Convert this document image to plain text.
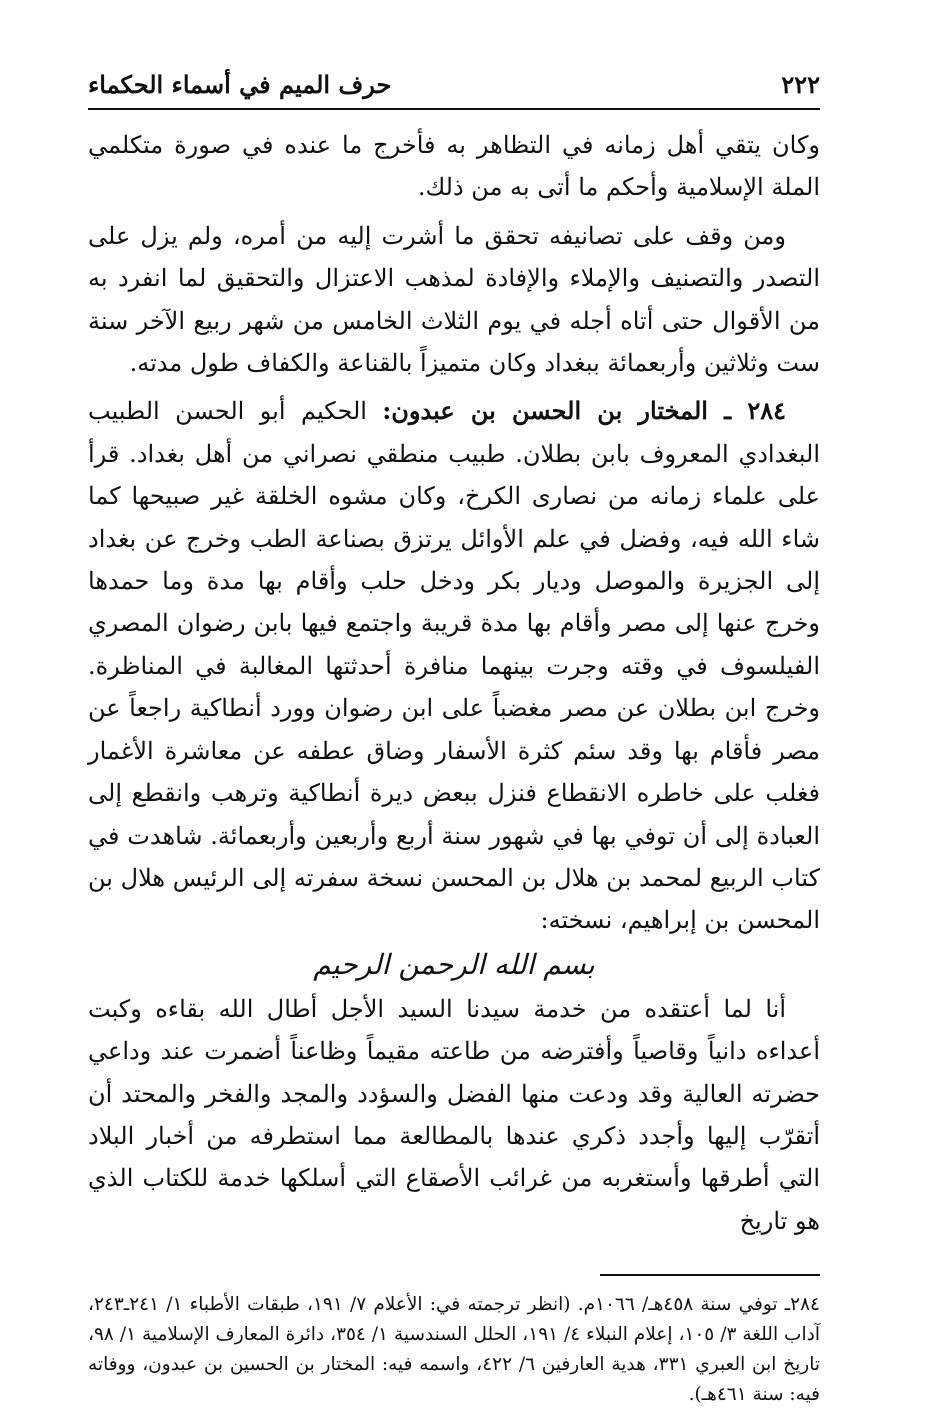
٢٢٢
حرف الميم في أسماء الحكماء

وكان يتقي أهل زمانه في التظاهر به فأخرج ما عنده في صورة متكلمي الملة الإسلامية وأحكم ما أتى به من ذلك.

ومن وقف على تصانيفه تحقق ما أشرت إليه من أمره، ولم يزل على التصدر والتصنيف والإملاء والإفادة لمذهب الاعتزال والتحقيق لما انفرد به من الأقوال حتى أتاه أجله في يوم الثلاث الخامس من شهر ربيع الآخر سنة ست وثلاثين وأربعمائة ببغداد وكان متميزاً بالقناعة والكفاف طول مدته.

٢٨٤ ـ المختار بن الحسن بن عبدون: الحكيم أبو الحسن الطبيب البغدادي المعروف بابن بطلان. طبيب منطقي نصراني من أهل بغداد. قرأ على علماء زمانه من نصارى الكرخ، وكان مشوه الخلقة غير صبيحها كما شاء الله فيه، وفضل في علم الأوائل يرتزق بصناعة الطب وخرج عن بغداد إلى الجزيرة والموصل وديار بكر ودخل حلب وأقام بها مدة وما حمدها وخرج عنها إلى مصر وأقام بها مدة قريبة واجتمع فيها بابن رضوان المصري الفيلسوف في وقته وجرت بينهما منافرة أحدثتها المغالبة في المناظرة. وخرج ابن بطلان عن مصر مغضباً على ابن رضوان وورد أنطاكية راجعاً عن مصر فأقام بها وقد سئم كثرة الأسفار وضاق عطفه عن معاشرة الأغمار فغلب على خاطره الانقطاع فنزل ببعض ديرة أنطاكية وترهب وانقطع إلى العبادة إلى أن توفي بها في شهور سنة أربع وأربعين وأربعمائة. شاهدت في كتاب الربيع لمحمد بن هلال بن المحسن نسخة سفرته إلى الرئيس هلال بن المحسن بن إبراهيم، نسخته:

بسم الله الرحمن الرحيم

أنا لما أعتقده من خدمة سيدنا السيد الأجل أطال الله بقاءه وكبت أعداءه دانياً وقاصياً وأفترضه من طاعته مقيماً وظاعناً أضمرت عند وداعي حضرته العالية وقد ودعت منها الفضل والسؤدد والمجد والفخر والمحتد أن أتقرّب إليها وأجدد ذكري عندها بالمطالعة مما استطرفه من أخبار البلاد التي أطرقها وأستغربه من غرائب الأصقاع التي أسلكها خدمة للكتاب الذي هو تاريخ

٢٨٤ـ توفي سنة ٤٥٨هـ/ ١٠٦٦م. (انظر ترجمته في: الأعلام ٧/ ١٩١، طبقات الأطباء ١/ ٢٤١ـ٢٤٣، آداب اللغة ٣/ ١٠٥، إعلام النبلاء ٤/ ١٩١، الحلل السندسية ١/ ٣٥٤، دائرة المعارف الإسلامية ١/ ٩٨، تاريخ ابن العبري ٣٣١، هدية العارفين ٦/ ٤٢٢، واسمه فيه: المختار بن الحسين بن عبدون، ووفاته فيه: سنة ٤٦١هـ).
